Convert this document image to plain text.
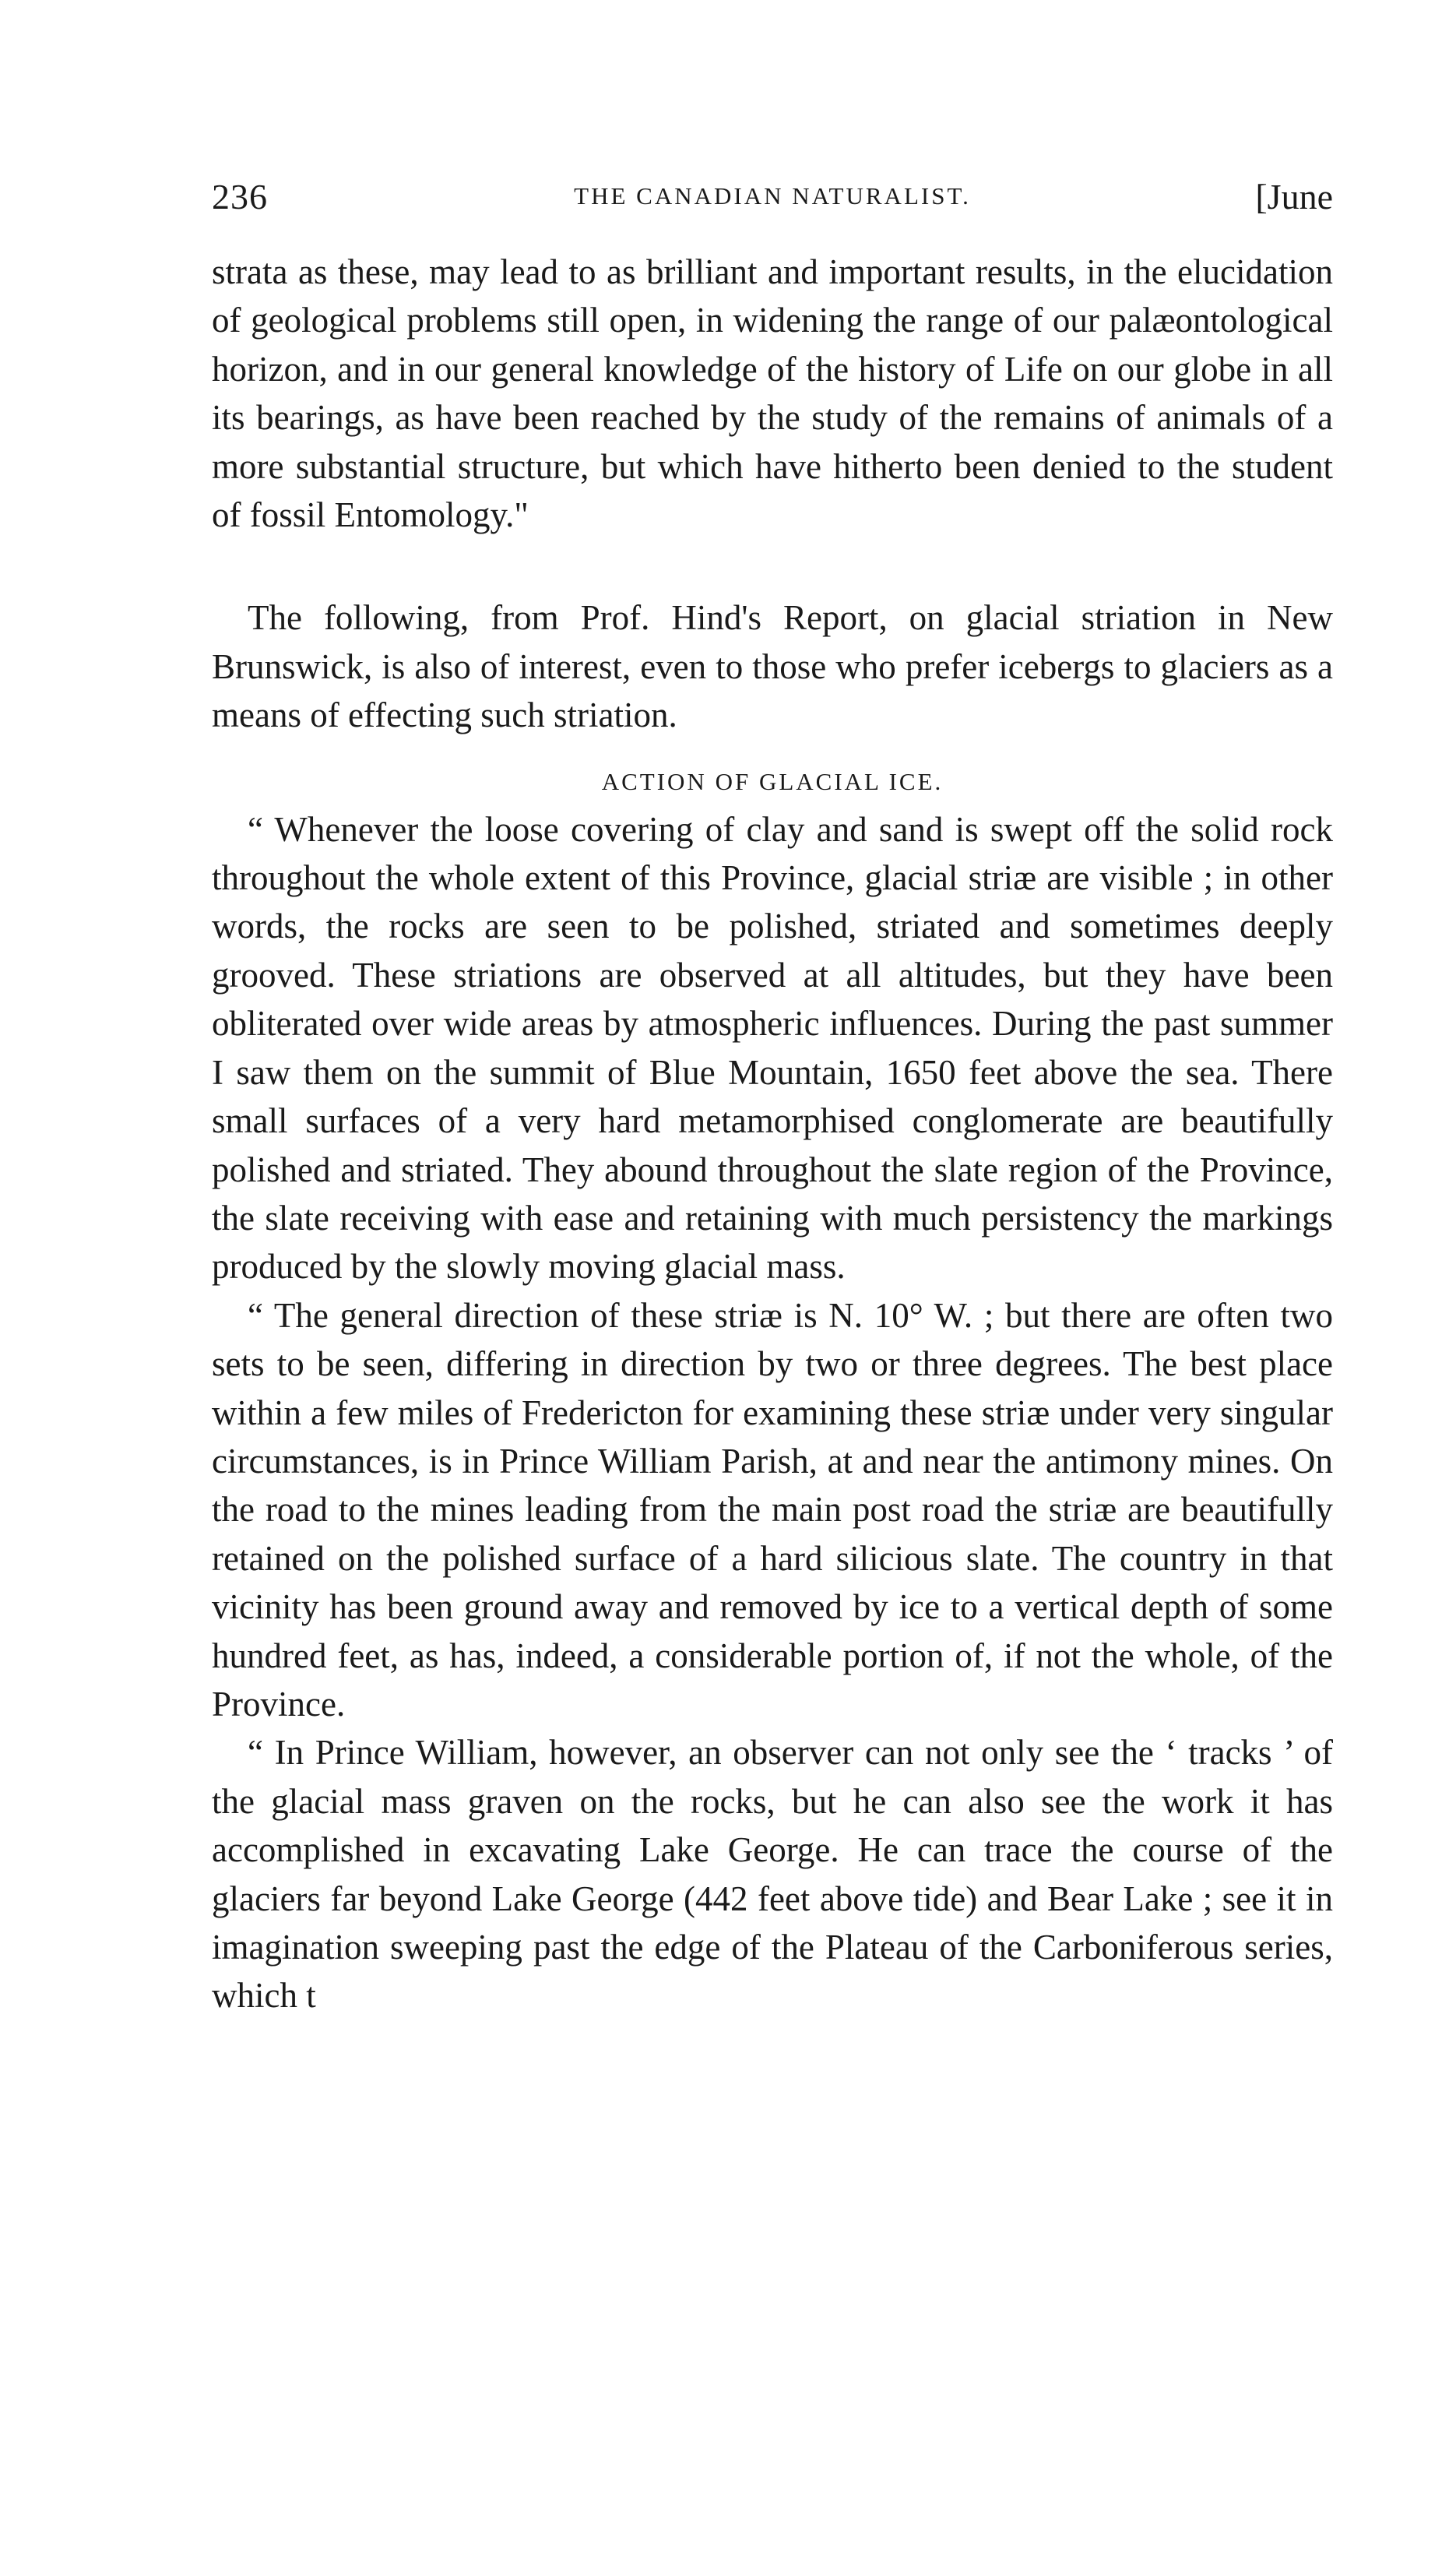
236	THE CANADIAN NATURALIST.	[June

strata as these, may lead to as brilliant and important results, in the elucidation of geological problems still open, in widening the range of our palæontological horizon, and in our general knowledge of the history of Life on our globe in all its bearings, as have been reached by the study of the remains of animals of a more substantial structure, but which have hitherto been denied to the student of fossil Entomology."

The following, from Prof. Hind's Report, on glacial striation in New Brunswick, is also of interest, even to those who prefer icebergs to glaciers as a means of effecting such striation.

ACTION OF GLACIAL ICE.

“ Whenever the loose covering of clay and sand is swept off the solid rock throughout the whole extent of this Province, glacial striæ are visible ; in other words, the rocks are seen to be polished, striated and sometimes deeply grooved. These striations are observed at all altitudes, but they have been obliterated over wide areas by atmospheric influences. During the past summer I saw them on the summit of Blue Mountain, 1650 feet above the sea. There small surfaces of a very hard metamorphised conglomerate are beautifully polished and striated. They abound throughout the slate region of the Province, the slate receiving with ease and retaining with much persistency the markings produced by the slowly moving glacial mass.

“ The general direction of these striæ is N. 10° W. ; but there are often two sets to be seen, differing in direction by two or three degrees. The best place within a few miles of Fredericton for examining these striæ under very singular circumstances, is in Prince William Parish, at and near the antimony mines. On the road to the mines leading from the main post road the striæ are beautifully retained on the polished surface of a hard silicious slate. The country in that vicinity has been ground away and removed by ice to a vertical depth of some hundred feet, as has, indeed, a considerable portion of, if not the whole, of the Province.

“ In Prince William, however, an observer can not only see the ‘ tracks ’ of the glacial mass graven on the rocks, but he can also see the work it has accomplished in excavating Lake George. He can trace the course of the glaciers far beyond Lake George (442 feet above tide) and Bear Lake ; see it in imagination sweeping past the edge of the Plateau of the Carboniferous series, which t
